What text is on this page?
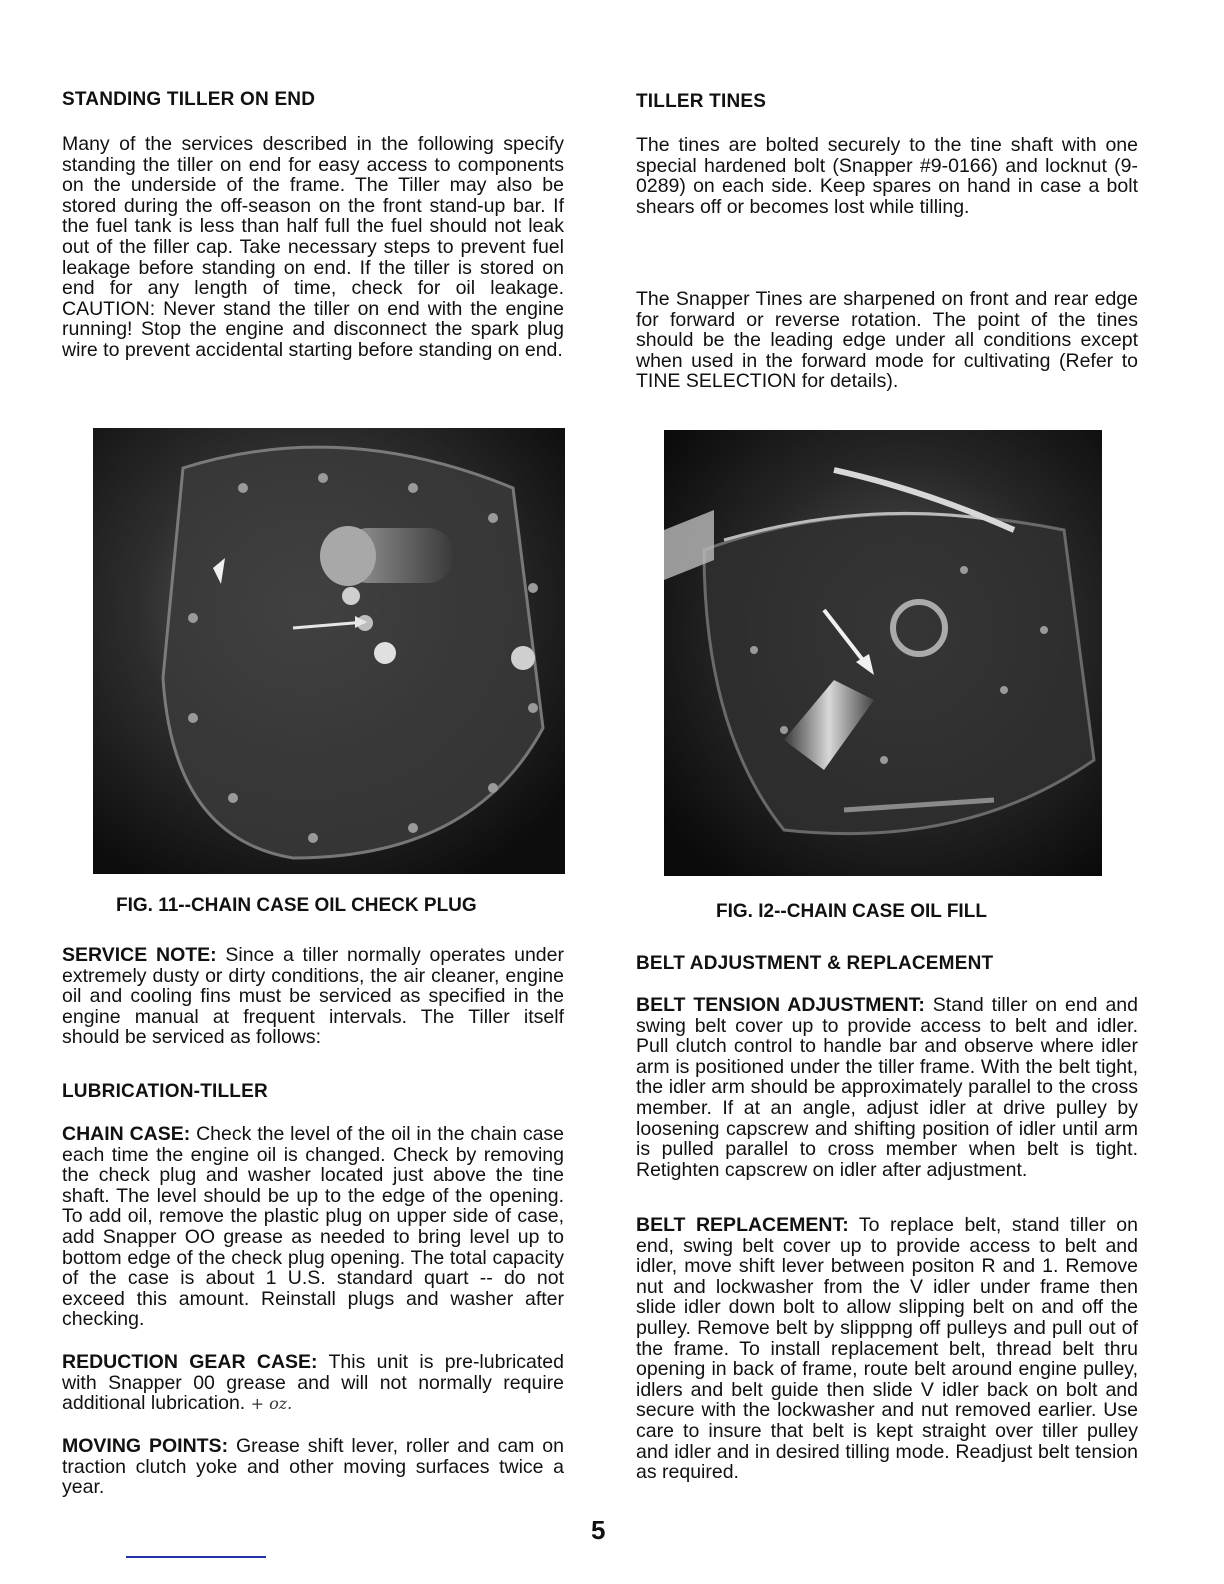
STANDING TILLER ON END

Many of the services described in the following specify standing the tiller on end for easy access to components on the underside of the frame. The Tiller may also be stored during the off-season on the front stand-up bar. If the fuel tank is less than half full the fuel should not leak out of the filler cap. Take necessary steps to prevent fuel leakage before standing on end. If the tiller is stored on end for any length of time, check for oil leakage. CAUTION: Never stand the tiller on end with the engine running! Stop the engine and disconnect the spark plug wire to prevent accidental starting before standing on end.

FIG. 11--CHAIN CASE OIL CHECK PLUG

SERVICE NOTE: Since a tiller normally operates under extremely dusty or dirty conditions, the air cleaner, engine oil and cooling fins must be serviced as specified in the engine manual at frequent intervals. The Tiller itself should be serviced as follows:

LUBRICATION-TILLER

CHAIN CASE: Check the level of the oil in the chain case each time the engine oil is changed. Check by removing the check plug and washer located just above the tine shaft. The level should be up to the edge of the opening. To add oil, remove the plastic plug on upper side of case, add Snapper OO grease as needed to bring level up to bottom edge of the check plug opening. The total capacity of the case is about 1 U.S. standard quart -- do not exceed this amount. Reinstall plugs and washer after checking.

REDUCTION GEAR CASE: This unit is pre-lubricated with Snapper 00 grease and will not normally require additional lubrication. + oz.

MOVING POINTS: Grease shift lever, roller and cam on traction clutch yoke and other moving surfaces twice a year.

TILLER TINES

The tines are bolted securely to the tine shaft with one special hardened bolt (Snapper #9-0166) and locknut (9-0289) on each side. Keep spares on hand in case a bolt shears off or becomes lost while tilling.

The Snapper Tines are sharpened on front and rear edge for forward or reverse rotation. The point of the tines should be the leading edge under all conditions except when used in the forward mode for cultivating (Refer to TINE SELECTION for details).

FIG. I2--CHAIN CASE OIL FILL

BELT ADJUSTMENT & REPLACEMENT

BELT TENSION ADJUSTMENT: Stand tiller on end and swing belt cover up to provide access to belt and idler. Pull clutch control to handle bar and observe where idler arm is positioned under the tiller frame. With the belt tight, the idler arm should be approximately parallel to the cross member. If at an angle, adjust idler at drive pulley by loosening capscrew and shifting position of idler until arm is pulled parallel to cross member when belt is tight. Retighten capscrew on idler after adjustment.

BELT REPLACEMENT: To replace belt, stand tiller on end, swing belt cover up to provide access to belt and idler, move shift lever between positon R and 1. Remove nut and lockwasher from the V idler under frame then slide idler down bolt to allow slipping belt on and off the pulley. Remove belt by slipppng off pulleys and pull out of the frame. To install replacement belt, thread belt thru opening in back of frame, route belt around engine pulley, idlers and belt guide then slide V idler back on bolt and secure with the lockwasher and nut removed earlier. Use care to insure that belt is kept straight over tiller pulley and idler and in desired tilling mode. Readjust belt tension as required.

5
